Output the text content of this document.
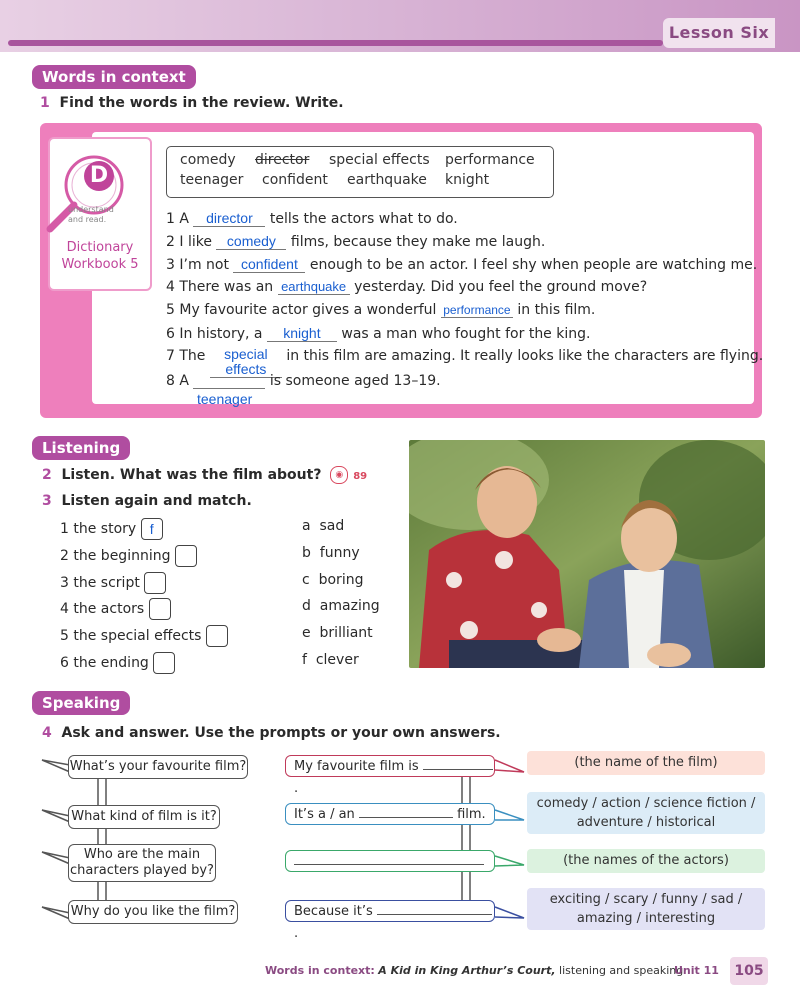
Lesson Six
Words in context
1 Find the words in the review. Write.
D
understand and read.
Dictionary Workbook 5
comedy director special effects performance
teenager confident earthquake knight
1 A director tells the actors what to do.
2 I like comedy films, because they make me laugh.
3 I’m not confident enough to be an actor. I feel shy when people are watching me.
4 There was an earthquake yesterday. Did you feel the ground move?
5 My favourite actor gives a wonderful performance in this film.
6 In history, a knight was a man who fought for the king.
7 The special effects in this film are amazing. It really looks like the characters are flying.
8 A	is someone aged 13–19.
teenager
Listening
2 Listen. What was the film about? ◉ 89
3 Listen again and match.
1 the story f
2 the beginning
3 the script
4 the actors
5 the special effects
6 the ending
a sad
b funny
c boring
d amazing
e brilliant
f clever
Speaking
4 Ask and answer. Use the prompts or your own answers.
What’s your favourite film?
What kind of film is it?
Who are the main characters played by?
Why do you like the film?
My favourite film is .
It’s a / an	film.
Because it’s .
(the name of the film)
comedy / action / science fiction / adventure / historical
(the names of the actors)
exciting / scary / funny / sad / amazing / interesting
Words in context: A Kid in King Arthur’s Court, listening and speaking
Unit 11	105
